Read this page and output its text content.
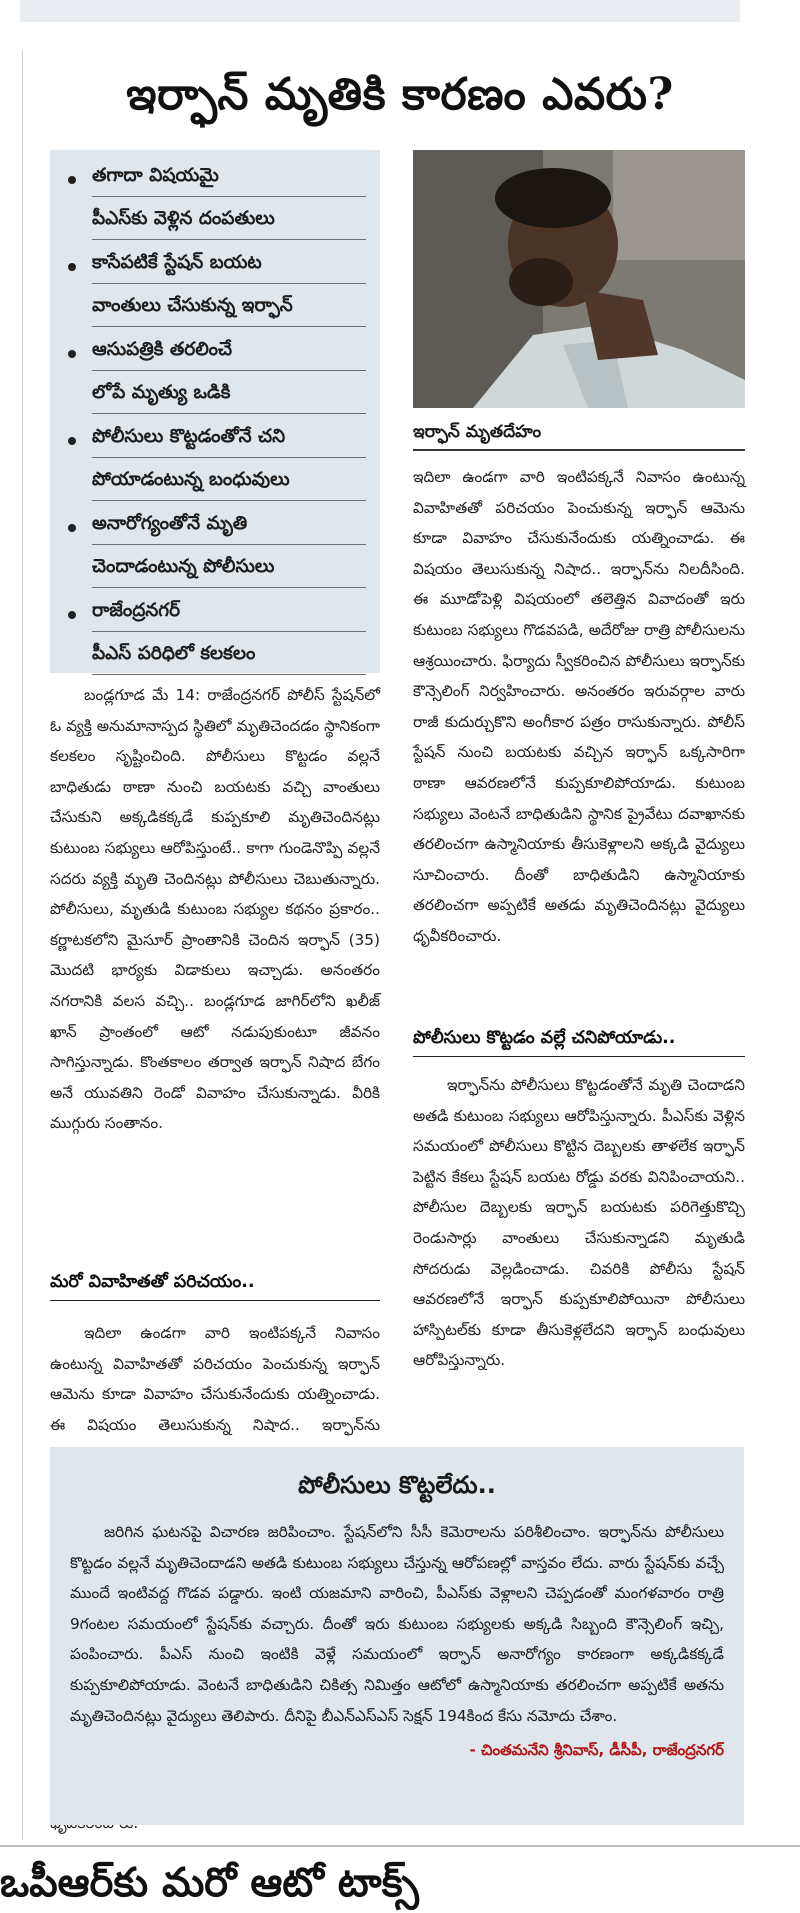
ఇర్ఫాన్ మృతికి కారణం ఎవరు?
తగాదా విషయమై
పీఎస్‌కు వెళ్లిన దంపతులు
కాసేపటికే స్టేషన్ బయట
వాంతులు చేసుకున్న ఇర్ఫాన్
ఆసుపత్రికి తరలించే
లోపే మృత్యు ఒడికి
పోలీసులు కొట్టడంతోనే చని
పోయాడంటున్న బంధువులు
అనారోగ్యంతోనే మృతి
చెందాడంటున్న పోలీసులు
రాజేంద్రనగర్
పీఎస్ పరిధిలో కలకలం

ఇర్ఫాన్ మృతదేహం

బండ్లగూడ మే 14: రాజేంద్రనగర్ పోలీస్ స్టేషన్‌లో ఓ వ్యక్తి అనుమానాస్పద స్థితిలో మృతిచెందడం స్థానికంగా కలకలం సృష్టించింది. పోలీసులు కొట్టడం వల్లనే బాధితుడు ఠాణా నుంచి బయటకు వచ్చి వాంతులు చేసుకుని అక్కడికక్కడే కుప్పకూలి మృతిచెందినట్లు కుటుంబ సభ్యులు ఆరోపిస్తుంటే.. కాగా గుండెనొప్పి వల్లనే సదరు వ్యక్తి మృతి చెందినట్లు పోలీసులు చెబుతున్నారు. పోలీసులు, మృతుడి కుటుంబ సభ్యుల కథనం ప్రకారం.. కర్ణాటకలోని మైసూర్ ప్రాంతానికి చెందిన ఇర్ఫాన్ (35) మొదటి భార్యకు విడాకులు ఇచ్చాడు. అనంతరం నగరానికి వలస వచ్చి.. బండ్లగూడ జాగిర్‌లోని ఖలీజ్ ఖాన్ ప్రాంతంలో ఆటో నడుపుకుంటూ జీవనం సాగిస్తున్నాడు. కొంతకాలం తర్వాత ఇర్ఫాన్ నిషాద బేగం అనే యువతిని రెండో వివాహం చేసుకున్నాడు. వీరికి ముగ్గురు సంతానం.

మరో వివాహితతో పరిచయం..

ఇదిలా ఉండగా వారి ఇంటిపక్కనే నివాసం ఉంటున్న వివాహితతో పరిచయం పెంచుకున్న ఇర్ఫాన్ ఆమెను కూడా వివాహం చేసుకునేందుకు యత్నించాడు. ఈ విషయం తెలుసుకున్న నిషాద.. ఇర్ఫాన్‌ను

ఇదిలా ఉండగా వారి ఇంటిపక్కనే నివాసం ఉంటున్న వివాహితతో పరిచయం పెంచుకున్న ఇర్ఫాన్ ఆమెను కూడా వివాహం చేసుకునేందుకు యత్నించాడు. ఈ విషయం తెలుసుకున్న నిషాద.. ఇర్ఫాన్‌ను నిలదీసింది. ఈ మూడోపెళ్లి విషయంలో తలెత్తిన వివాదంతో ఇరు కుటుంబ సభ్యులు గొడవపడి, అదేరోజు రాత్రి పోలీసులను ఆశ్రయించారు. ఫిర్యాదు స్వీకరించిన పోలీసులు ఇర్ఫాన్‌కు కౌన్సెలింగ్ నిర్వహించారు. అనంతరం ఇరువర్గాల వారు రాజీ కుదుర్చుకొని అంగీకార పత్రం రాసుకున్నారు. పోలీస్ స్టేషన్ నుంచి బయటకు వచ్చిన ఇర్ఫాన్ ఒక్కసారిగా ఠాణా ఆవరణలోనే కుప్పకూలిపోయాడు. కుటుంబ సభ్యులు వెంటనే బాధితుడిని స్థానిక ప్రైవేటు దవాఖానకు తరలించగా ఉస్మానియాకు తీసుకెళ్లాలని అక్కడి వైద్యులు సూచించారు. దీంతో బాధితుడిని ఉస్మానియాకు తరలించగా అప్పటికే అతడు మృతిచెందినట్లు వైద్యులు ధృవీకరించారు.

పోలీసులు కొట్టడం వల్లే చనిపోయాడు..

ఇర్ఫాన్‌ను పోలీసులు కొట్టడంతోనే మృతి చెందాడని అతడి కుటుంబ సభ్యులు ఆరోపిస్తున్నారు. పీఎస్‌కు వెళ్లిన సమయంలో పోలీసులు కొట్టిన దెబ్బలకు తాళలేక ఇర్ఫాన్ పెట్టిన కేకలు స్టేషన్ బయట రోడ్డు వరకు వినిపించాయని.. పోలీసుల దెబ్బలకు ఇర్ఫాన్ బయటకు పరిగెత్తుకొచ్చి రెండుసార్లు వాంతులు చేసుకున్నాడని మృతుడి సోదరుడు వెల్లడించాడు. చివరికి పోలీసు స్టేషన్ ఆవరణలోనే ఇర్ఫాన్ కుప్పకూలిపోయినా పోలీసులు హాస్పిటల్‌కు కూడా తీసుకెళ్లలేదని ఇర్ఫాన్ బంధువులు ఆరోపిస్తున్నారు.

పోలీసులు కొట్టలేదు..

జరిగిన ఘటనపై విచారణ జరిపించాం. స్టేషన్‌లోని సీసీ కెమెరాలను పరిశీలించాం. ఇర్ఫాన్‌ను పోలీసులు కొట్టడం వల్లనే మృతిచెందాడని అతడి కుటుంబ సభ్యులు చేస్తున్న ఆరోపణల్లో వాస్తవం లేదు. వారు స్టేషన్‌కు వచ్చే ముందే ఇంటివద్ద గొడవ పడ్డారు. ఇంటి యజమాని వారించి, పీఎస్‌కు వెళ్లాలని చెప్పడంతో మంగళవారం రాత్రి 9గంటల సమయంలో స్టేషన్‌కు వచ్చారు. దీంతో ఇరు కుటుంబ సభ్యులకు అక్కడి సిబ్బంది కౌన్సెలింగ్ ఇచ్చి, పంపించారు. పీఎస్ నుంచి ఇంటికి వెళ్లే సమయంలో ఇర్ఫాన్ అనారోగ్యం కారణంగా అక్కడికక్కడే కుప్పకూలిపోయాడు. వెంటనే బాధితుడిని చికిత్స నిమిత్తం ఆటోలో ఉస్మానియాకు తరలించగా అప్పటికే అతను మృతిచెందినట్లు వైద్యులు తెలిపారు. దీనిపై బీఎన్ఎస్ఎస్ సెక్షన్ 194కింద కేసు నమోదు చేశాం.

- చింతమనేని శ్రీనివాస్, డీసీపీ, రాజేంద్రనగర్

ఒపీఆర్‌కు మరో ఆటో టాక్స్
